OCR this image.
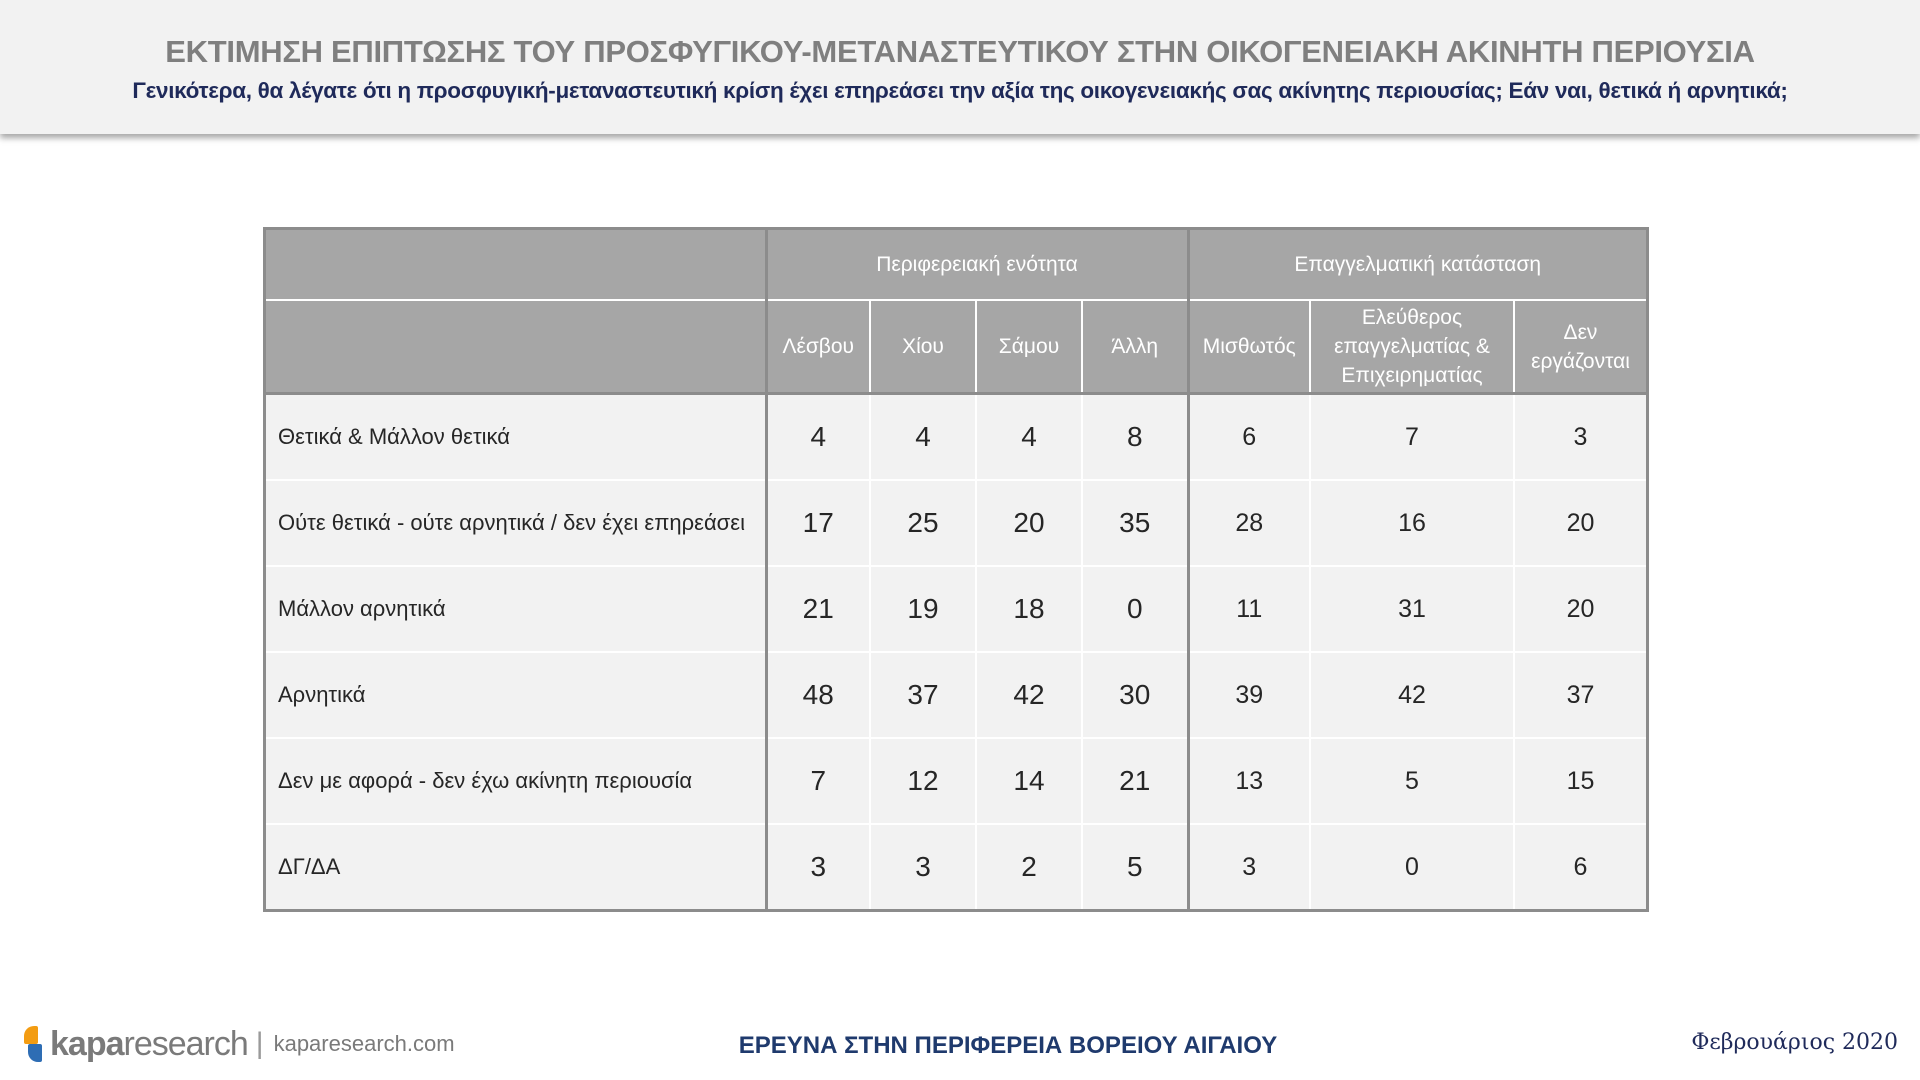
ΕΚΤΙΜΗΣΗ ΕΠΙΠΤΩΣΗΣ ΤΟΥ ΠΡΟΣΦΥΓΙΚΟΥ-ΜΕΤΑΝΑΣΤΕΥΤΙΚΟΥ ΣΤΗΝ ΟΙΚΟΓΕΝΕΙΑΚΗ ΑΚΙΝΗΤΗ ΠΕΡΙΟΥΣΙΑ
Γενικότερα, θα λέγατε ότι η προσφυγική-μεταναστευτική κρίση έχει επηρεάσει την αξία της οικογενειακής σας ακίνητης περιουσίας; Εάν ναι, θετικά ή αρνητικά;
	Περιφερειακή ενότητα				Επαγγελματική κατάσταση		
	Λέσβου	Χίου	Σάμου	Άλλη	Μισθωτός	Ελεύθερος επαγγελματίας & Επιχειρηματίας	Δεν εργάζονται
Θετικά & Μάλλον θετικά	4	4	4	8	6	7	3
Ούτε θετικά - ούτε αρνητικά / δεν έχει επηρεάσει	17	25	20	35	28	16	20
Μάλλον αρνητικά	21	19	18	0	11	31	20
Αρνητικά	48	37	42	30	39	42	37
Δεν με αφορά - δεν έχω ακίνητη περιουσία	7	12	14	21	13	5	15
ΔΓ/ΔΑ	3	3	2	5	3	0	6
kapa research | kaparesearch.com	ΕΡΕΥΝΑ ΣΤΗΝ ΠΕΡΙΦΕΡΕΙΑ ΒΟΡΕΙΟΥ ΑΙΓΑΙΟΥ	Φεβρουάριος 2020
